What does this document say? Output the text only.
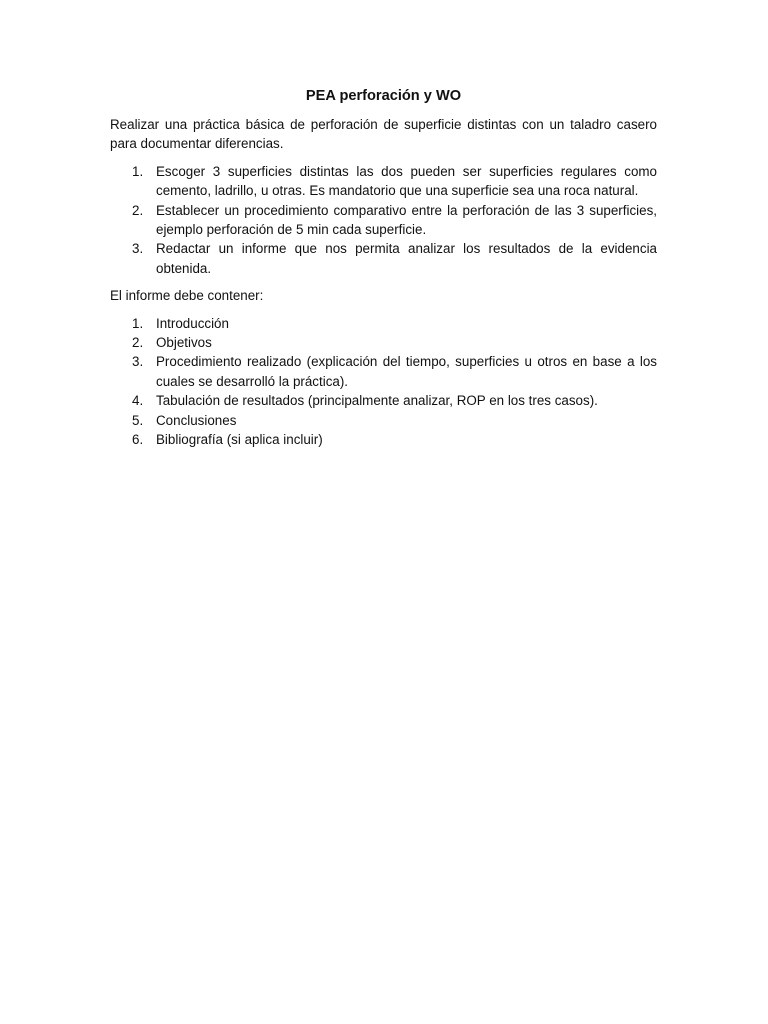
PEA perforación y WO

Realizar una práctica básica de perforación de superficie distintas con un taladro casero para documentar diferencias.

1. Escoger 3 superficies distintas las dos pueden ser superficies regulares como cemento, ladrillo, u otras. Es mandatorio que una superficie sea una roca natural.
2. Establecer un procedimiento comparativo entre la perforación de las 3 superficies, ejemplo perforación de 5 min cada superficie.
3. Redactar un informe que nos permita analizar los resultados de la evidencia obtenida.

El informe debe contener:

1. Introducción
2. Objetivos
3. Procedimiento realizado (explicación del tiempo, superficies u otros en base a los cuales se desarrolló la práctica).
4. Tabulación de resultados (principalmente analizar, ROP en los tres casos).
5. Conclusiones
6. Bibliografía (si aplica incluir)
